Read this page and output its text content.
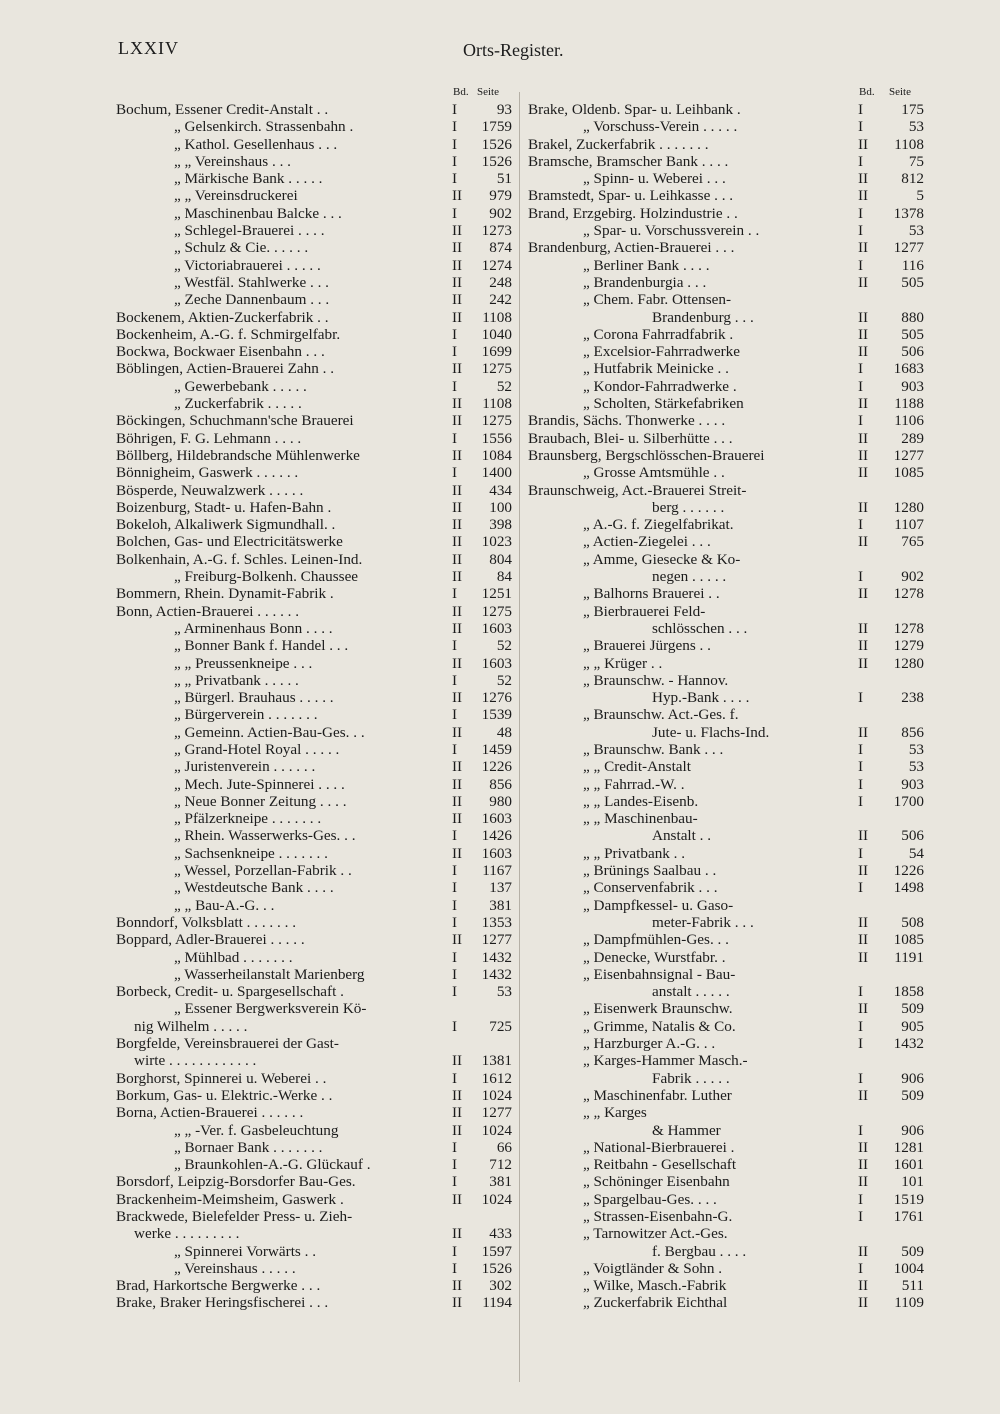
LXXIV	Orts-Register.
Bd. Seite
Bochum, Essener Credit-Anstalt . .	I	93
„ Gelsenkirch. Strassenbahn .	I 1759
„ Kathol. Gesellenhaus . . .	I 1526
„ „ Vereinshaus . . .	I 1526
„ Märkische Bank . . . . .	I	51
„ „ Vereinsdruckerei	II 979
„ Maschinenbau Balcke . . .	I 902
„ Schlegel-Brauerei . . . .	II 1273
„ Schulz & Cie. . . . . .	II 874
„ Victoriabrauerei . . . . .	II 1274
„ Westfäl. Stahlwerke . . .	II 248
„ Zeche Dannenbaum . . .	II 242
Bockenem, Aktien-Zuckerfabrik . .	II 1108
Bockenheim, A.-G. f. Schmirgelfabr.	I 1040
Bockwa, Bockwaer Eisenbahn . . .	I 1699
Böblingen, Actien-Brauerei Zahn . .	II 1275
„ Gewerbebank . . . . .	I	52
„ Zuckerfabrik . . . . .	II 1108
Böckingen, Schuchmann'sche Brauerei	II 1275
Böhrigen, F. G. Lehmann . . . .	I 1556
Böllberg, Hildebrandsche Mühlenwerke	II 1084
Bönnigheim, Gaswerk . . . . . .	I 1400
Bösperde, Neuwalzwerk . . . . .	II 434
Boizenburg, Stadt- u. Hafen-Bahn .	II 100
Bokeloh, Alkaliwerk Sigmundhall. .	II 398
Bolchen, Gas- und Electricitätswerke	II 1023
Bolkenhain, A.-G. f. Schles. Leinen-Ind.	II 804
„ Freiburg-Bolkenh. Chaussee	II 84
Bommern, Rhein. Dynamit-Fabrik .	I 1251
Bonn, Actien-Brauerei . . . . . .	II 1275
„ Arminenhaus Bonn . . . .	II 1603
„ Bonner Bank f. Handel . . .	I	52
„ „ Preussenkneipe . . .	II 1603
„ „ Privatbank . . . . .	I	52
„ Bürgerl. Brauhaus . . . . .	II 1276
„ Bürgerverein . . . . . . .	I 1539
„ Gemeinn. Actien-Bau-Ges. . .	II 48
„ Grand-Hotel Royal . . . . .	I 1459
„ Juristenverein . . . . . .	II 1226
„ Mech. Jute-Spinnerei . . . .	II 856
„ Neue Bonner Zeitung . . . .	II 980
„ Pfälzerkneipe . . . . . . .	II 1603
„ Rhein. Wasserwerks-Ges. . .	I 1426
„ Sachsenkneipe . . . . . . .	II 1603
„ Wessel, Porzellan-Fabrik . .	I 1167
„ Westdeutsche Bank . . . .	I 137
„ „ Bau-A.-G. . .	I 381
Bonndorf, Volksblatt . . . . . . .	I 1353
Boppard, Adler-Brauerei . . . . .	II 1277
„ Mühlbad . . . . . . .	I 1432
„ Wasserheilanstalt Marienberg	I 1432
Borbeck, Credit- u. Spargesellschaft .	I	53
„ Essener Bergwerksverein Kö-
nig Wilhelm . . . . .	I 725
Borgfelde, Vereinsbrauerei der Gast-
wirte . . . . . . . . . . . .	II 1381
Borghorst, Spinnerei u. Weberei . .	I 1612
Borkum, Gas- u. Elektric.-Werke . .	II 1024
Borna, Actien-Brauerei . . . . . .	II 1277
„ „ -Ver. f. Gasbeleuchtung	II 1024
„ Bornaer Bank . . . . . . .	I	66
„ Braunkohlen-A.-G. Glückauf .	I 712
Borsdorf, Leipzig-Borsdorfer Bau-Ges.	I 381
Brackenheim-Meimsheim, Gaswerk .	II 1024
Brackwede, Bielefelder Press- u. Zieh-
werke . . . . . . . . .	II 433
„ Spinnerei Vorwärts . .	I 1597
„ Vereinshaus . . . . .	I 1526
Brad, Harkortsche Bergwerke . . .	II 302
Brake, Braker Heringsfischerei . . .	II 1194
Bd. Seite
Brake, Oldenb. Spar- u. Leihbank .	I	175
„ Vorschuss-Verein . . . . .	I	53
Brakel, Zuckerfabrik . . . . . . .	II 1108
Bramsche, Bramscher Bank . . . .	I	75
„ Spinn- u. Weberei . . .	II 812
Bramstedt, Spar- u. Leihkasse . . .	II	5
Brand, Erzgebirg. Holzindustrie . .	I 1378
„ Spar- u. Vorschussverein . .	I	53
Brandenburg, Actien-Brauerei . . .	II 1277
„ Berliner Bank . . . .	I	116
„ Brandenburgia . . .	II 505
„ Chem. Fabr. Ottensen-
Brandenburg . . .	II 880
„ Corona Fahrradfabrik .	II 505
„ Excelsior-Fahrradwerke	II 506
„ Hutfabrik Meinicke . .	I 1683
„ Kondor-Fahrradwerke .	I	903
„ Scholten, Stärkefabriken	II 1188
Brandis, Sächs. Thonwerke . . . .	I 1106
Braubach, Blei- u. Silberhütte . . .	II 289
Braunsberg, Bergschlösschen-Brauerei	II 1277
„ Grosse Amtsmühle . .	II 1085
Braunschweig, Act.-Brauerei Streit-
berg . . . . . .	II 1280
„ A.-G. f. Ziegelfabrikat.	I 1107
„ Actien-Ziegelei . . .	II 765
„ Amme, Giesecke & Ko-
negen . . . . .	I	902
„ Balhorns Brauerei . .	II 1278
„ Bierbrauerei Feld-
schlösschen . . .	II 1278
„ Brauerei Jürgens . .	II 1279
„ „ Krüger . .	II 1280
„ Braunschw. - Hannov.
Hyp.-Bank . . . .	I	238
„ Braunschw. Act.-Ges. f.
Jute- u. Flachs-Ind.	II 856
„ Braunschw. Bank . . .	I	53
„ „ Credit-Anstalt	I	53
„ „ Fahrrad.-W. .	I	903
„ „ Landes-Eisenb.	I 1700
„ „ Maschinenbau-
Anstalt . .	II 506
„ „ Privatbank . .	I	54
„ Brünings Saalbau . .	II 1226
„ Conservenfabrik . . .	I 1498
„ Dampfkessel- u. Gaso-
meter-Fabrik . . .	II 508
„ Dampfmühlen-Ges. . .	II 1085
„ Denecke, Wurstfabr. .	II 1191
„ Eisenbahnsignal - Bau-
anstalt . . . . .	I 1858
„ Eisenwerk Braunschw.	II 509
„ Grimme, Natalis & Co.	I	905
„ Harzburger A.-G. . .	I 1432
„ Karges-Hammer Masch.-
Fabrik . . . . .	I	906
„ Maschinenfabr. Luther	II 509
„ „ Karges
& Hammer	I	906
„ National-Bierbrauerei .	II 1281
„ Reitbahn - Gesellschaft	II 1601
„ Schöninger Eisenbahn	II 101
„ Spargelbau-Ges. . . .	I 1519
„ Strassen-Eisenbahn-G.	I 1761
„ Tarnowitzer Act.-Ges.
f. Bergbau . . . .	II 509
„ Voigtländer & Sohn .	I 1004
„ Wilke, Masch.-Fabrik	II 511
„ Zuckerfabrik Eichthal	II 1109
